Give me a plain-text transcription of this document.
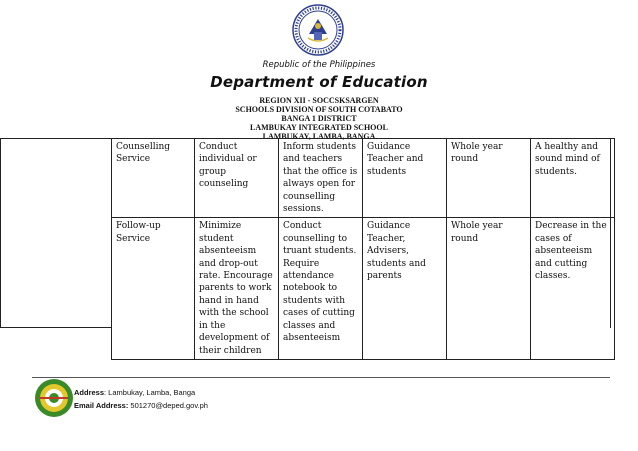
Republic of the Philippines
Department of Education
REGION XII - SOCCSKSARGEN
SCHOOLS DIVISION OF SOUTH COTABATO
BANGA 1 DISTRICT
LAMBUKAY INTEGRATED SCHOOL
LAMBUKAY, LAMBA, BANGA
Counselling Service	Conduct individual or group counseling	Inform students and teachers that the office is always open for counselling sessions.	Guidance Teacher and students	Whole year round	A healthy and sound mind of students.
Follow-up Service	Minimize student absenteeism and drop-out rate. Encourage parents to work hand in hand with the school in the development of their children	Conduct counselling to truant students. Require attendance notebook to students with cases of cutting classes and absenteeism	Guidance Teacher, Advisers, students and parents	Whole year round	Decrease in the cases of absenteeism and cutting classes.
Address: Lambukay, Lamba, Banga
Email Address: 501270@deped.gov.ph
